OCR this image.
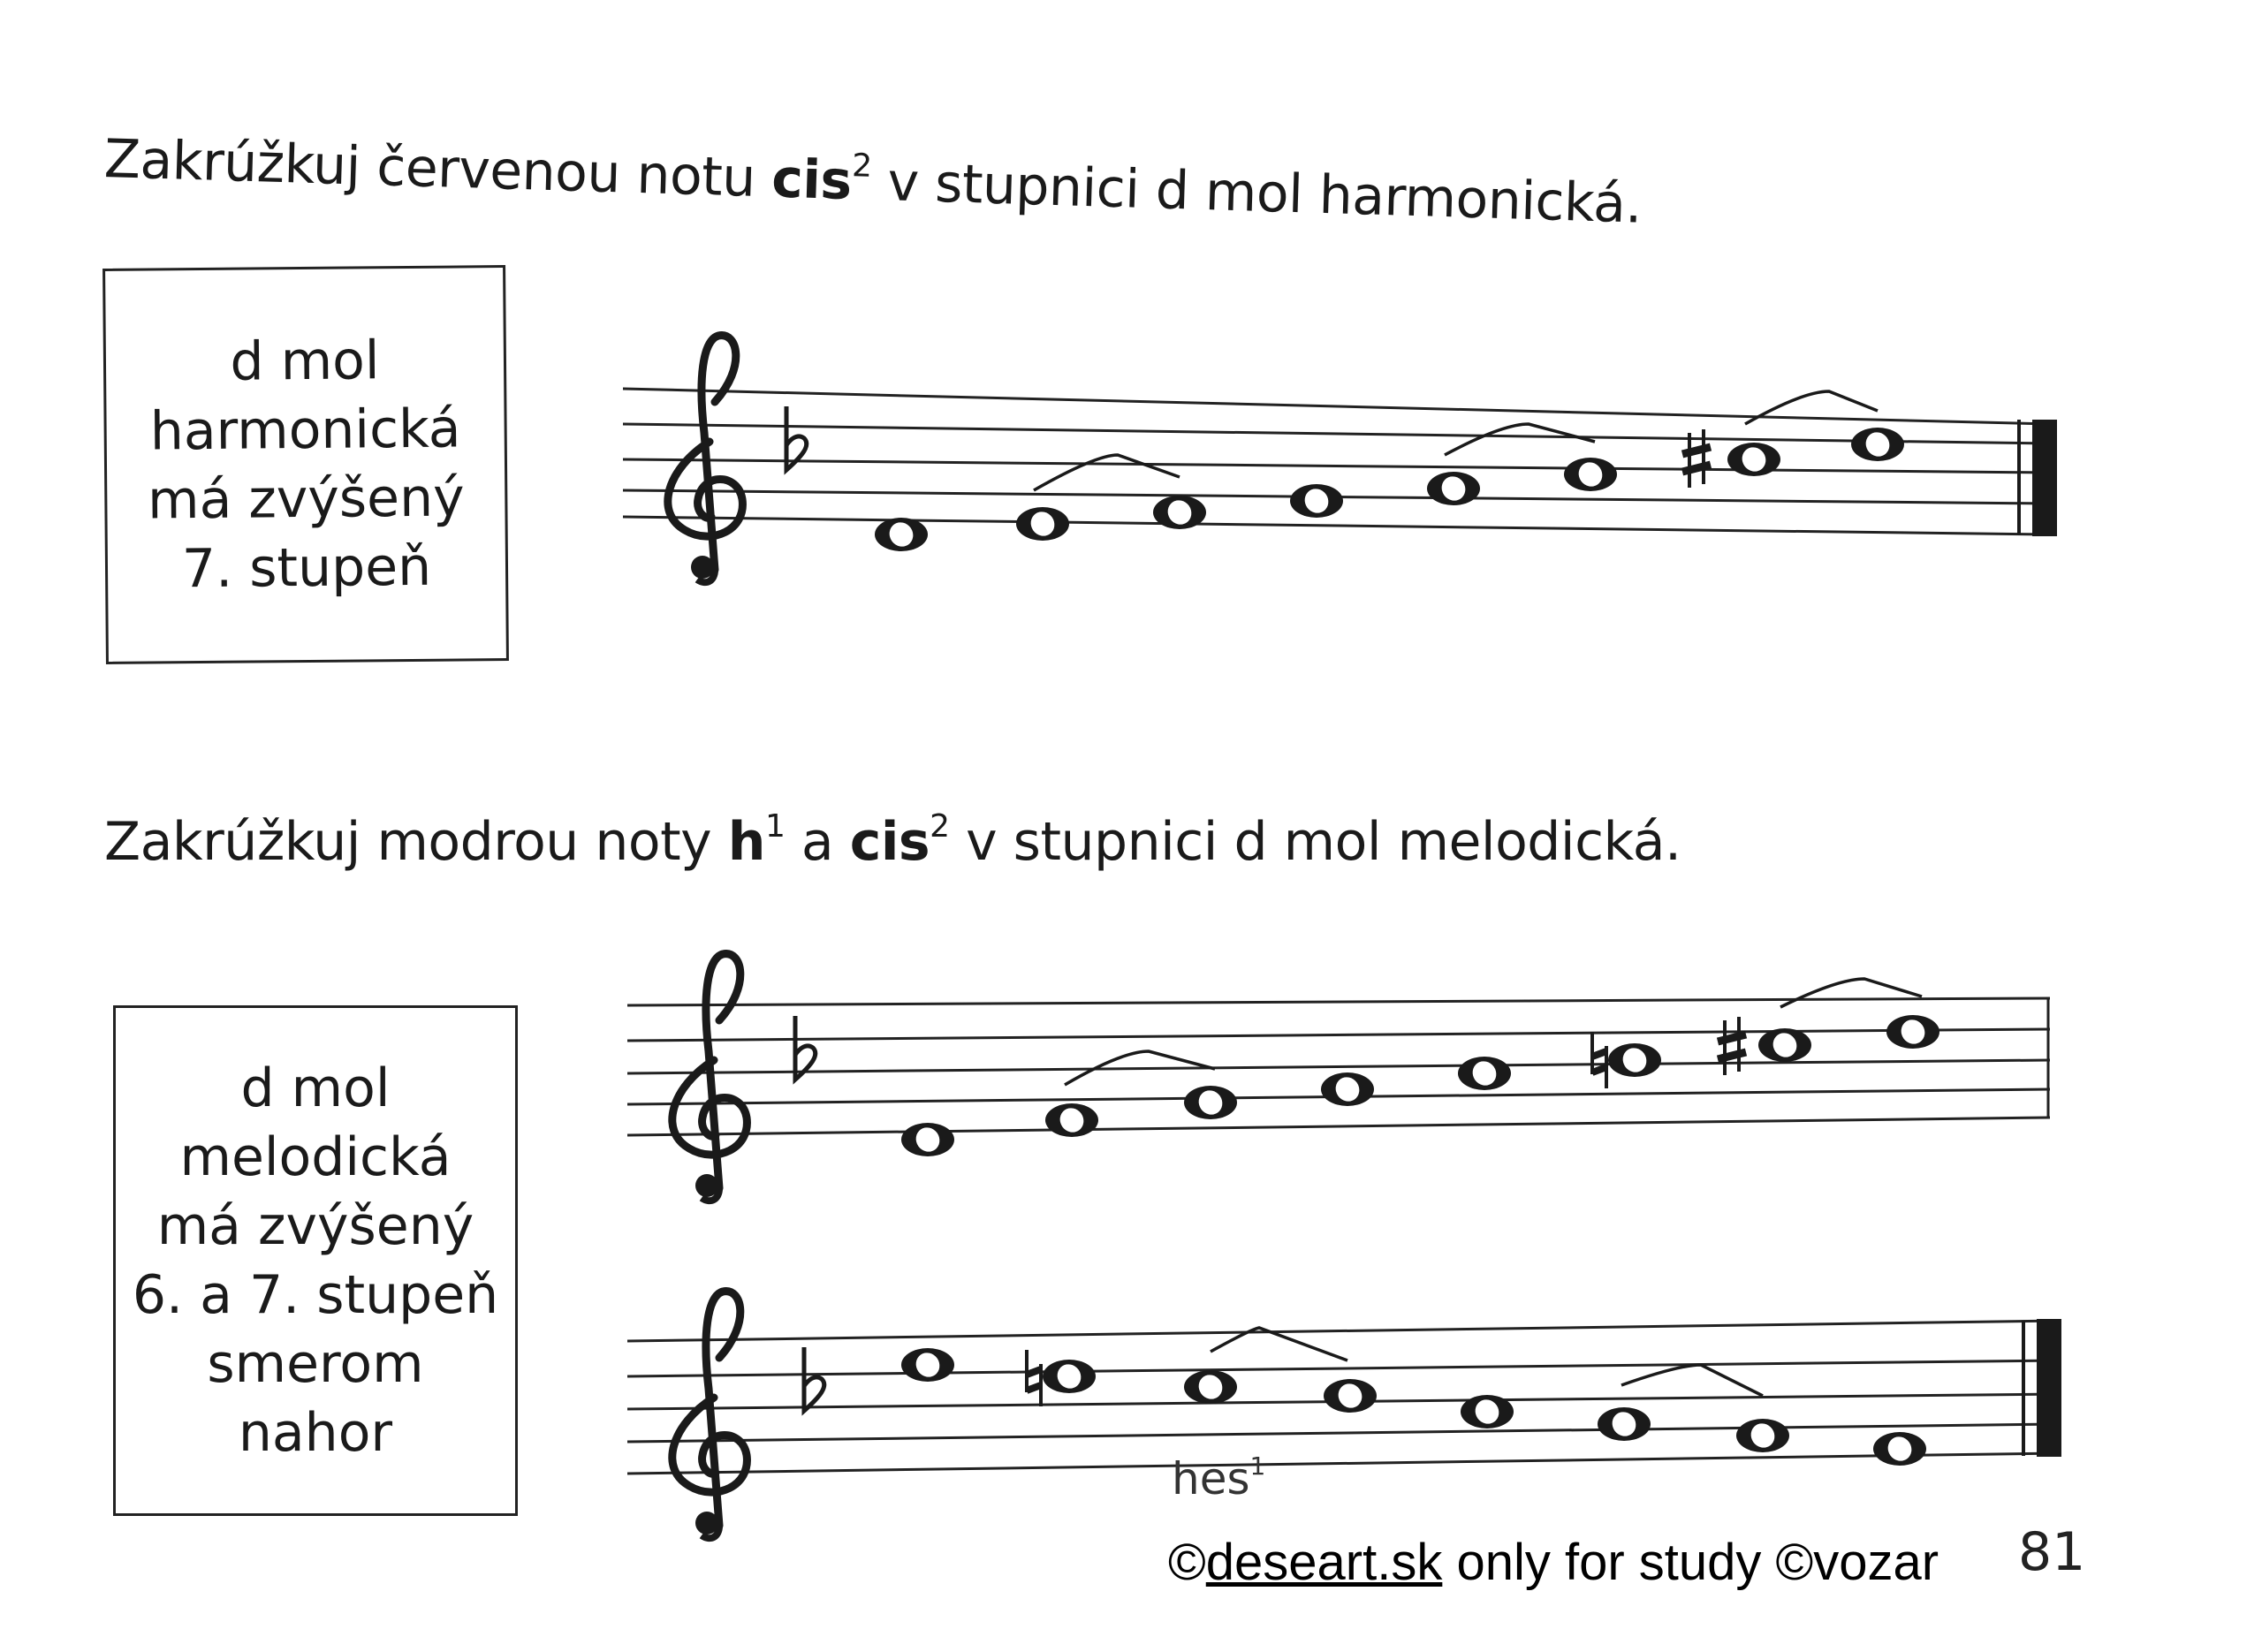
Zakrúžkuj červenou notu cis$^2$ v stupnici d mol harmonická.
d mol
harmonická
má zvýšený
7. stupeň
Zakrúžkuj modrou noty $h^1$ a cis$^2$ v stupnici d mol melodická.
d mol
melodická
má zvýšený
6. a 7. stupeň
smerom
nahor
hes$^1$
©deseart.sk only for study ©vozar 81
